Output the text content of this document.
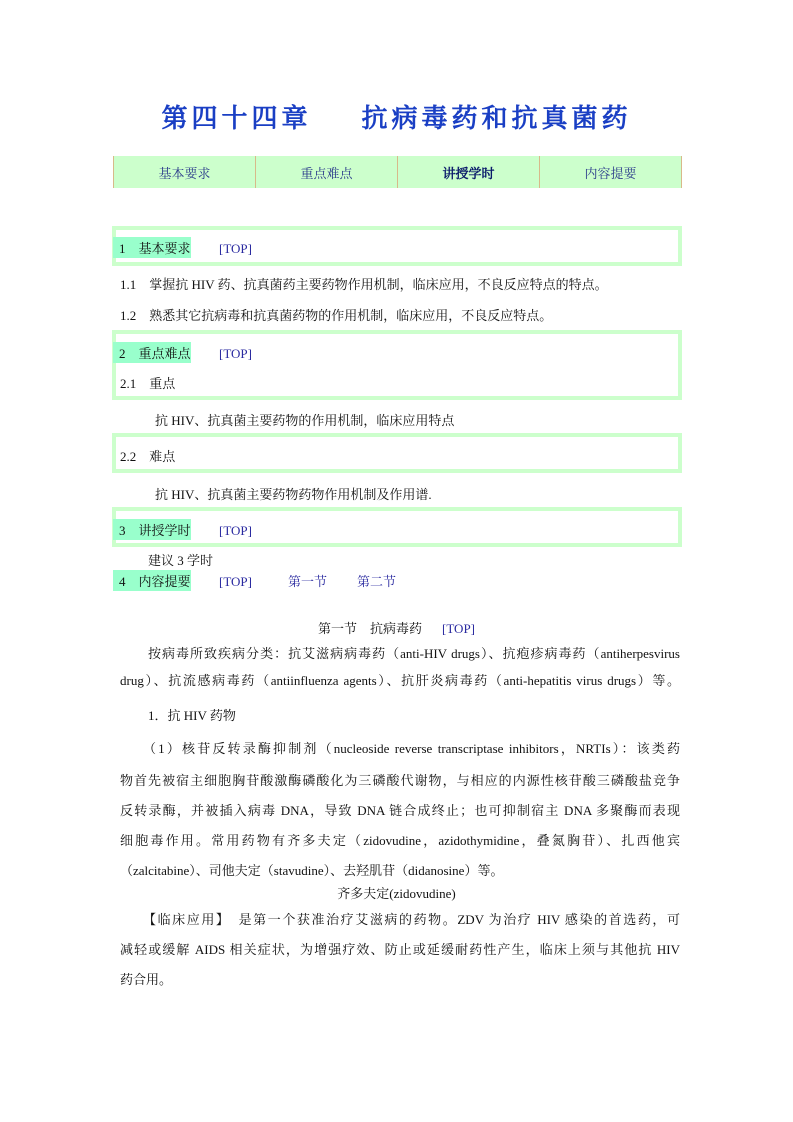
第四十四章 抗病毒药和抗真菌药
基本要求	重点难点	讲授学时	内容提要
1　基本要求 [TOP]
1.1　掌握抗 HIV 药、抗真菌药主要药物作用机制，临床应用，不良反应特点的特点。
1.2　熟悉其它抗病毒和抗真菌药物的作用机制，临床应用，不良反应特点。
2　重点难点 [TOP]
2.1　重点
抗 HIV、抗真菌主要药物的作用机制，临床应用特点
2.2　难点
抗 HIV、抗真菌主要药物药物作用机制及作用谱.
3　讲授学时 [TOP]
建议 3 学时
4　内容提要 [TOP]	第一节 第二节
第一节　抗病毒药 [TOP]
按病毒所致疾病分类：抗艾滋病病毒药（anti-HIV drugs）、抗疱疹病毒药（antiherpesvirus
drug）、抗流感病毒药（antiinfluenza agents）、抗肝炎病毒药（anti-hepatitis virus drugs）等。
1．抗 HIV 药物
（1）核苷反转录酶抑制剂（nucleoside reverse transcriptase inhibitors，NRTIs）：该类药
物首先被宿主细胞胸苷酸激酶磷酸化为三磷酸代谢物，与相应的内源性核苷酸三磷酸盐竞争
反转录酶，并被插入病毒 DNA，导致 DNA 链合成终止；也可抑制宿主 DNA 多聚酶而表现
细胞毒作用。常用药物有齐多夫定（zidovudine，azidothymidine，叠氮胸苷）、扎西他宾
（zalcitabine）、司他夫定（stavudine）、去羟肌苷（didanosine）等。
齐多夫定(zidovudine)
【临床应用】　是第一个获准治疗艾滋病的药物。ZDV 为治疗 HIV 感染的首选药，可
减轻或缓解 AIDS 相关症状，为增强疗效、防止或延缓耐药性产生，临床上须与其他抗 HIV
药合用。
